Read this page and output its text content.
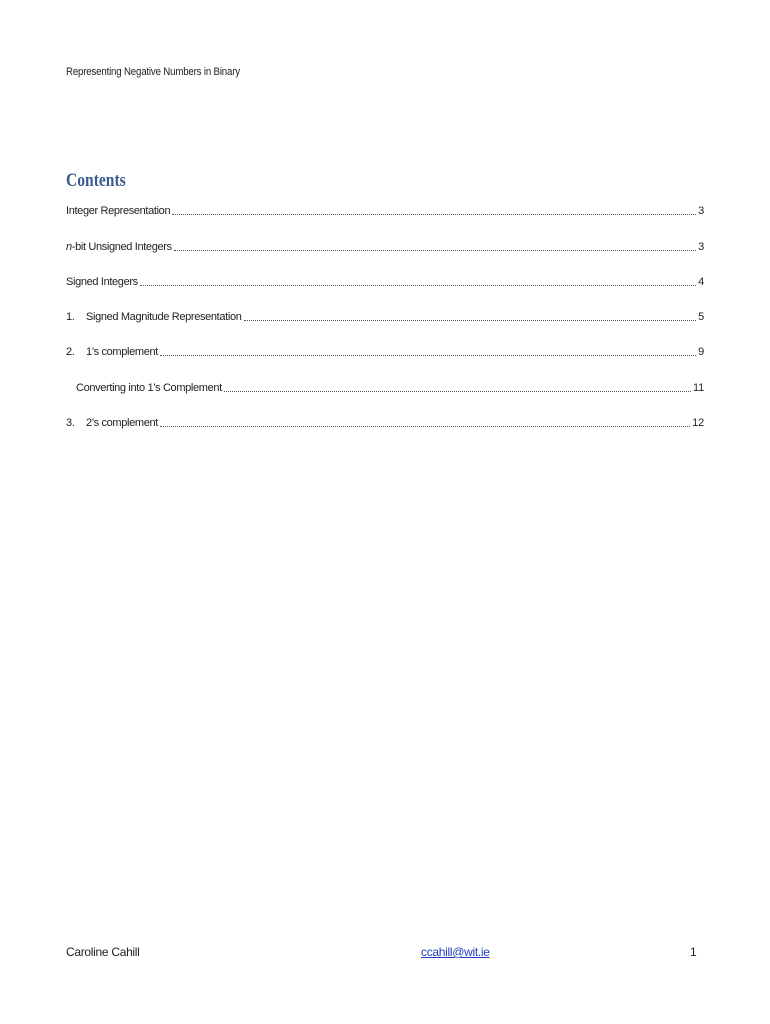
Representing Negative Numbers in Binary
Contents
Integer Representation	3
n -bit Unsigned Integers	3
Signed Integers	4
1.	Signed Magnitude Representation	5
2.	1’s complement	9
Converting into 1’s Complement	11
3.	2’s complement	12
Caroline Cahill	ccahill@wit.ie	1
